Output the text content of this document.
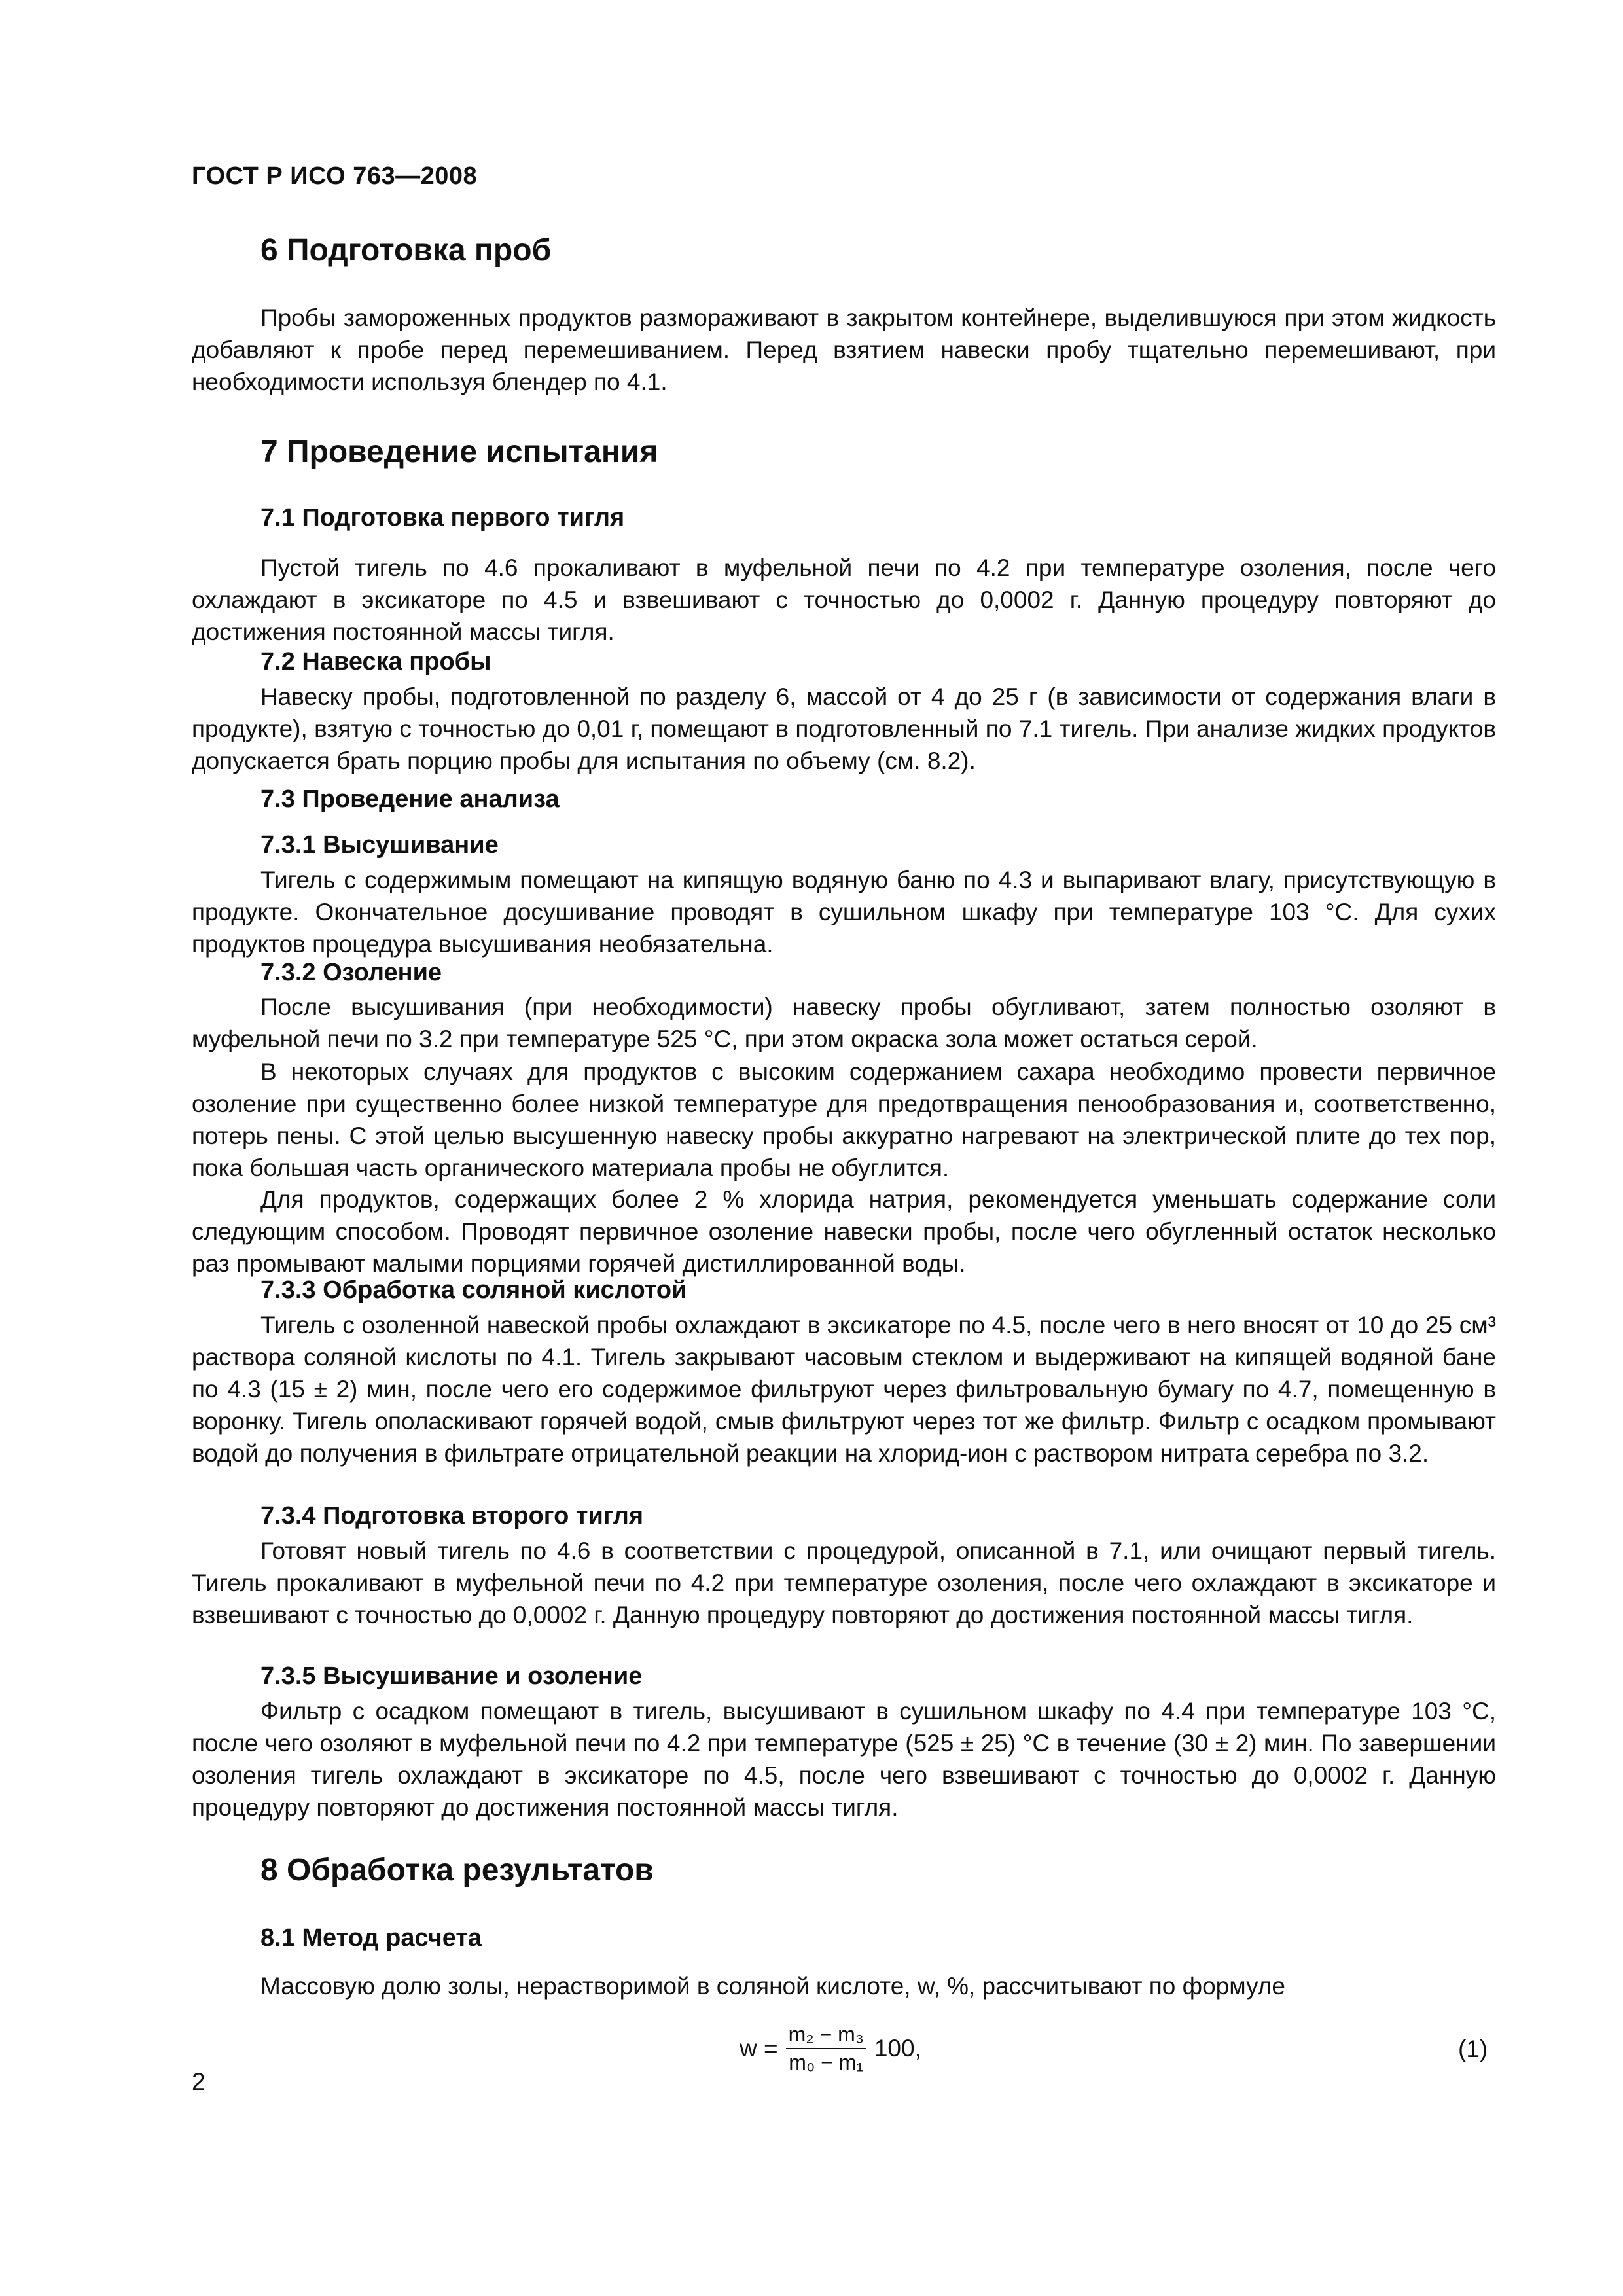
ГОСТ Р ИСО 763—2008
6 Подготовка проб

Пробы замороженных продуктов размораживают в закрытом контейнере, выделившуюся при этом жидкость добавляют к пробе перед перемешиванием. Перед взятием навески пробу тщательно перемешивают, при необходимости используя блендер по 4.1.

7 Проведение испытания
7.1 Подготовка первого тигля

Пустой тигель по 4.6 прокаливают в муфельной печи по 4.2 при температуре озоления, после чего охлаждают в эксикаторе по 4.5 и взвешивают с точностью до 0,0002 г. Данную процедуру повторяют до достижения постоянной массы тигля.

7.2 Навеска пробы

Навеску пробы, подготовленной по разделу 6, массой от 4 до 25 г (в зависимости от содержания влаги в продукте), взятую с точностью до 0,01 г, помещают в подготовленный по 7.1 тигель. При анализе жидких продуктов допускается брать порцию пробы для испытания по объему (см. 8.2).

7.3 Проведение анализа
7.3.1 Высушивание

Тигель с содержимым помещают на кипящую водяную баню по 4.3 и выпаривают влагу, присутствующую в продукте. Окончательное досушивание проводят в сушильном шкафу при температуре 103 °С. Для сухих продуктов процедура высушивания необязательна.

7.3.2 Озоление

После высушивания (при необходимости) навеску пробы обугливают, затем полностью озоляют в муфельной печи по 3.2 при температуре 525 °С, при этом окраска зола может остаться серой.

В некоторых случаях для продуктов с высоким содержанием сахара необходимо провести первичное озоление при существенно более низкой температуре для предотвращения пенообразования и, соответственно, потерь пены. С этой целью высушенную навеску пробы аккуратно нагревают на электрической плите до тех пор, пока большая часть органического материала пробы не обуглится.

Для продуктов, содержащих более 2 % хлорида натрия, рекомендуется уменьшать содержание соли следующим способом. Проводят первичное озоление навески пробы, после чего обугленный остаток несколько раз промывают малыми порциями горячей дистиллированной воды.

7.3.3 Обработка соляной кислотой

Тигель с озоленной навеской пробы охлаждают в эксикаторе по 4.5, после чего в него вносят от 10 до 25 см³ раствора соляной кислоты по 4.1. Тигель закрывают часовым стеклом и выдерживают на кипящей водяной бане по 4.3 (15 ± 2) мин, после чего его содержимое фильтруют через фильтровальную бумагу по 4.7, помещенную в воронку. Тигель ополаскивают горячей водой, смыв фильтруют через тот же фильтр. Фильтр с осадком промывают водой до получения в фильтрате отрицательной реакции на хлорид-ион с раствором нитрата серебра по 3.2.

7.3.4 Подготовка второго тигля

Готовят новый тигель по 4.6 в соответствии с процедурой, описанной в 7.1, или очищают первый тигель. Тигель прокаливают в муфельной печи по 4.2 при температуре озоления, после чего охлаждают в эксикаторе и взвешивают с точностью до 0,0002 г. Данную процедуру повторяют до достижения постоянной массы тигля.

7.3.5 Высушивание и озоление

Фильтр с осадком помещают в тигель, высушивают в сушильном шкафу по 4.4 при температуре 103 °С, после чего озоляют в муфельной печи по 4.2 при температуре (525 ± 25) °С в течение (30 ± 2) мин. По завершении озоления тигель охлаждают в эксикаторе по 4.5, после чего взвешивают с точностью до 0,0002 г. Данную процедуру повторяют до достижения постоянной массы тигля.

8 Обработка результатов
8.1 Метод расчета

Массовую долю золы, нерастворимой в соляной кислоте, w, %, рассчитывают по формуле

$w = \frac{\text{m₂ − m₃}}{\text{m₀ − m₁}} 100$,	(1)
2
